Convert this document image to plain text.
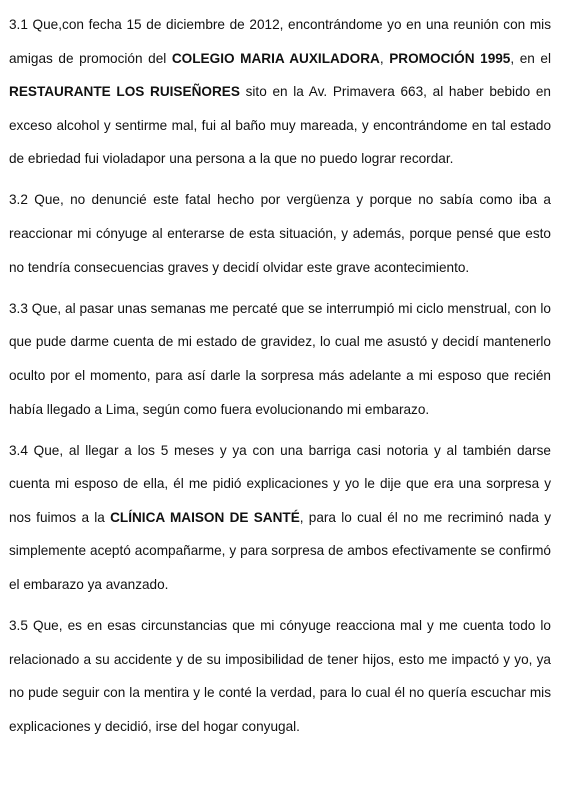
3.1 Que,con fecha 15 de diciembre de 2012, encontrándome yo en una reunión con mis amigas de promoción del COLEGIO MARIA AUXILADORA, PROMOCIÓN 1995, en el RESTAURANTE LOS RUISEÑORES sito en la Av. Primavera 663, al haber bebido en exceso alcohol y sentirme mal, fui al baño muy mareada, y encontrándome en tal estado de ebriedad fui violadapor una persona a la que no puedo lograr recordar.

3.2 Que, no denuncié este fatal hecho por vergüenza y porque no sabía como iba a reaccionar mi cónyuge al enterarse de esta situación, y además, porque pensé que esto no tendría consecuencias graves y decidí olvidar este grave acontecimiento.

3.3 Que, al pasar unas semanas me percaté que se interrumpió mi ciclo menstrual, con lo que pude darme cuenta de mi estado de gravidez, lo cual me asustó y decidí mantenerlo oculto por el momento, para así darle la sorpresa más adelante a mi esposo que recién había llegado a Lima, según como fuera evolucionando mi embarazo.

3.4 Que, al llegar a los 5 meses y ya con una barriga casi notoria y al también darse cuenta mi esposo de ella, él me pidió explicaciones y yo le dije que era una sorpresa y nos fuimos a la CLÍNICA MAISON DE SANTÉ, para lo cual él no me recriminó nada y simplemente aceptó acompañarme, y para sorpresa de ambos efectivamente se confirmó el embarazo ya avanzado.

3.5 Que, es en esas circunstancias que mi cónyuge reacciona mal y me cuenta todo lo relacionado a su accidente y de su imposibilidad de tener hijos, esto me impactó y yo, ya no pude seguir con la mentira y le conté la verdad, para lo cual él no quería escuchar mis explicaciones y decidió, irse del hogar conyugal.
